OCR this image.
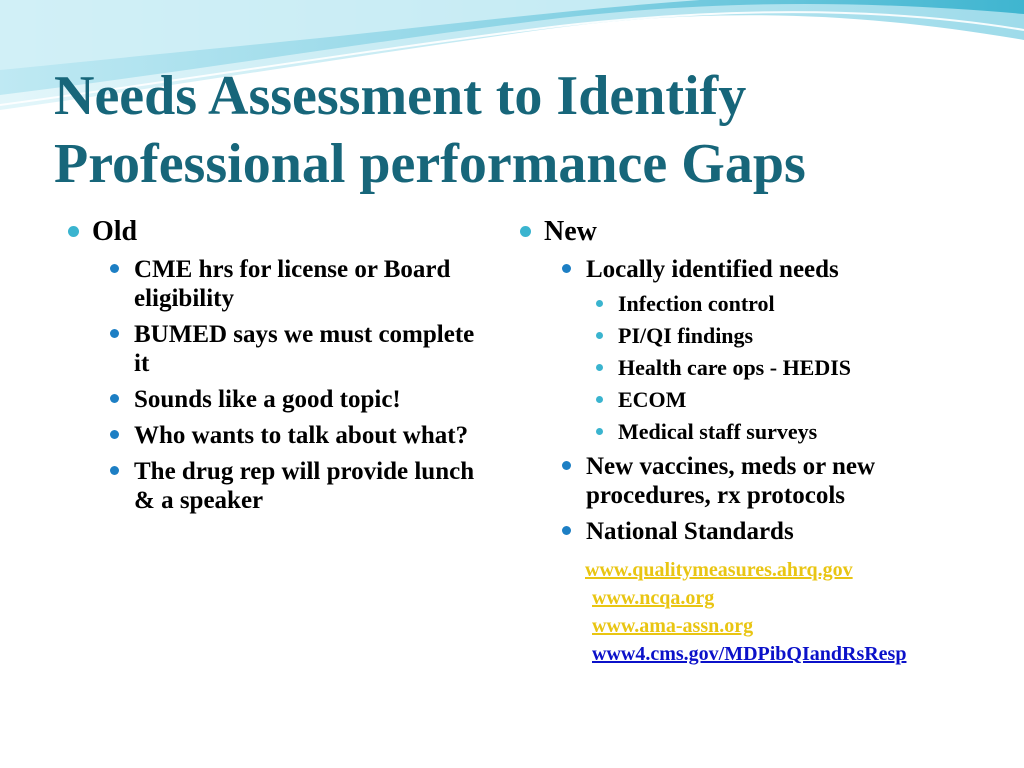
Needs Assessment to Identify Professional performance Gaps
Old
CME hrs for license or Board eligibility
BUMED says we must complete it
Sounds like a good topic!
Who wants to talk about what?
The drug rep will provide lunch & a speaker
New
Locally identified needs
Infection control
PI/QI findings
Health care ops - HEDIS
ECOM
Medical staff surveys
New vaccines, meds or new procedures, rx protocols
National Standards
www.qualitymeasures.ahrq.gov
www.ncqa.org
www.ama-assn.org
www4.cms.gov/MDPibQIandRsResp
